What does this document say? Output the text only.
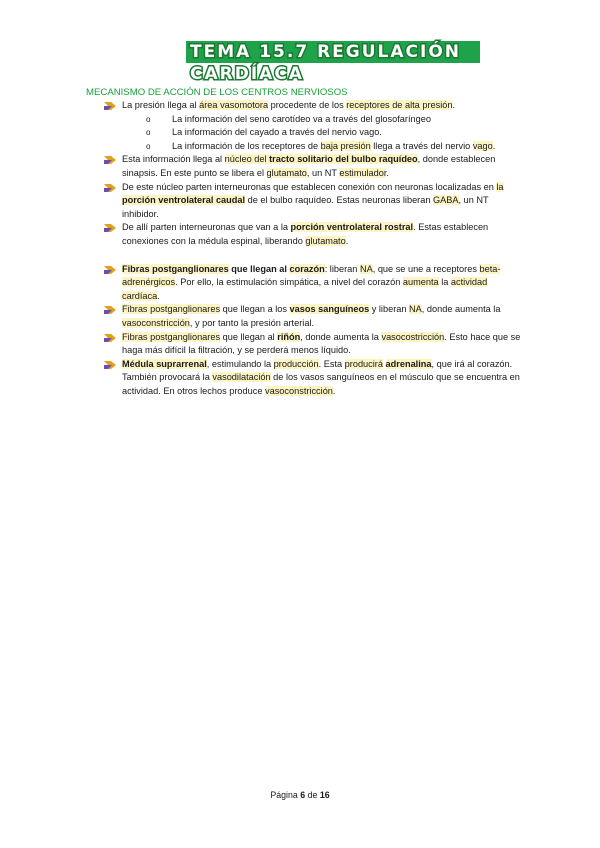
TEMA 15.7 REGULACIÓN CARDÍACA
MECANISMO DE ACCIÓN DE LOS CENTROS NERVIOSOS
La presión llega al área vasomotora procedente de los receptores de alta presión.
o La información del seno carotídeo va a través del glosofaríngeo
o La información del cayado a través del nervio vago.
o La información de los receptores de baja presión llega a través del nervio vago.
Esta información llega al núcleo del tracto solitario del bulbo raquídeo, donde establecen sinapsis. En este punto se libera el glutamato, un NT estimulador.
De este núcleo parten interneuronas que establecen conexión con neuronas localizadas en la porción ventrolateral caudal de el bulbo raquídeo. Estas neuronas liberan GABA, un NT inhibidor.
De allí parten interneuronas que van a la porción ventrolateral rostral. Estas establecen conexiones con la médula espinal, liberando glutamato.
Fibras postganglionares que llegan al corazón: liberan NA, que se une a receptores beta-adrenérgicos. Por ello, la estimulación simpática, a nivel del corazón aumenta la actividad cardíaca.
Fibras postganglionares que llegan a los vasos sanguíneos y liberan NA, donde aumenta la vasoconstricción, y por tanto la presión arterial.
Fibras postganglionares que llegan al riñón, donde aumenta la vasocostricción. Esto hace que se haga más difícil la filtración, y se perderá menos líquido.
Médula suprarrenal, estimulando la producción. Esta producirá adrenalina, que irá al corazón. También provocará la vasodilatación de los vasos sanguíneos en el músculo que se encuentra en actividad. En otros lechos produce vasoconstricción.
Página 6 de 16
